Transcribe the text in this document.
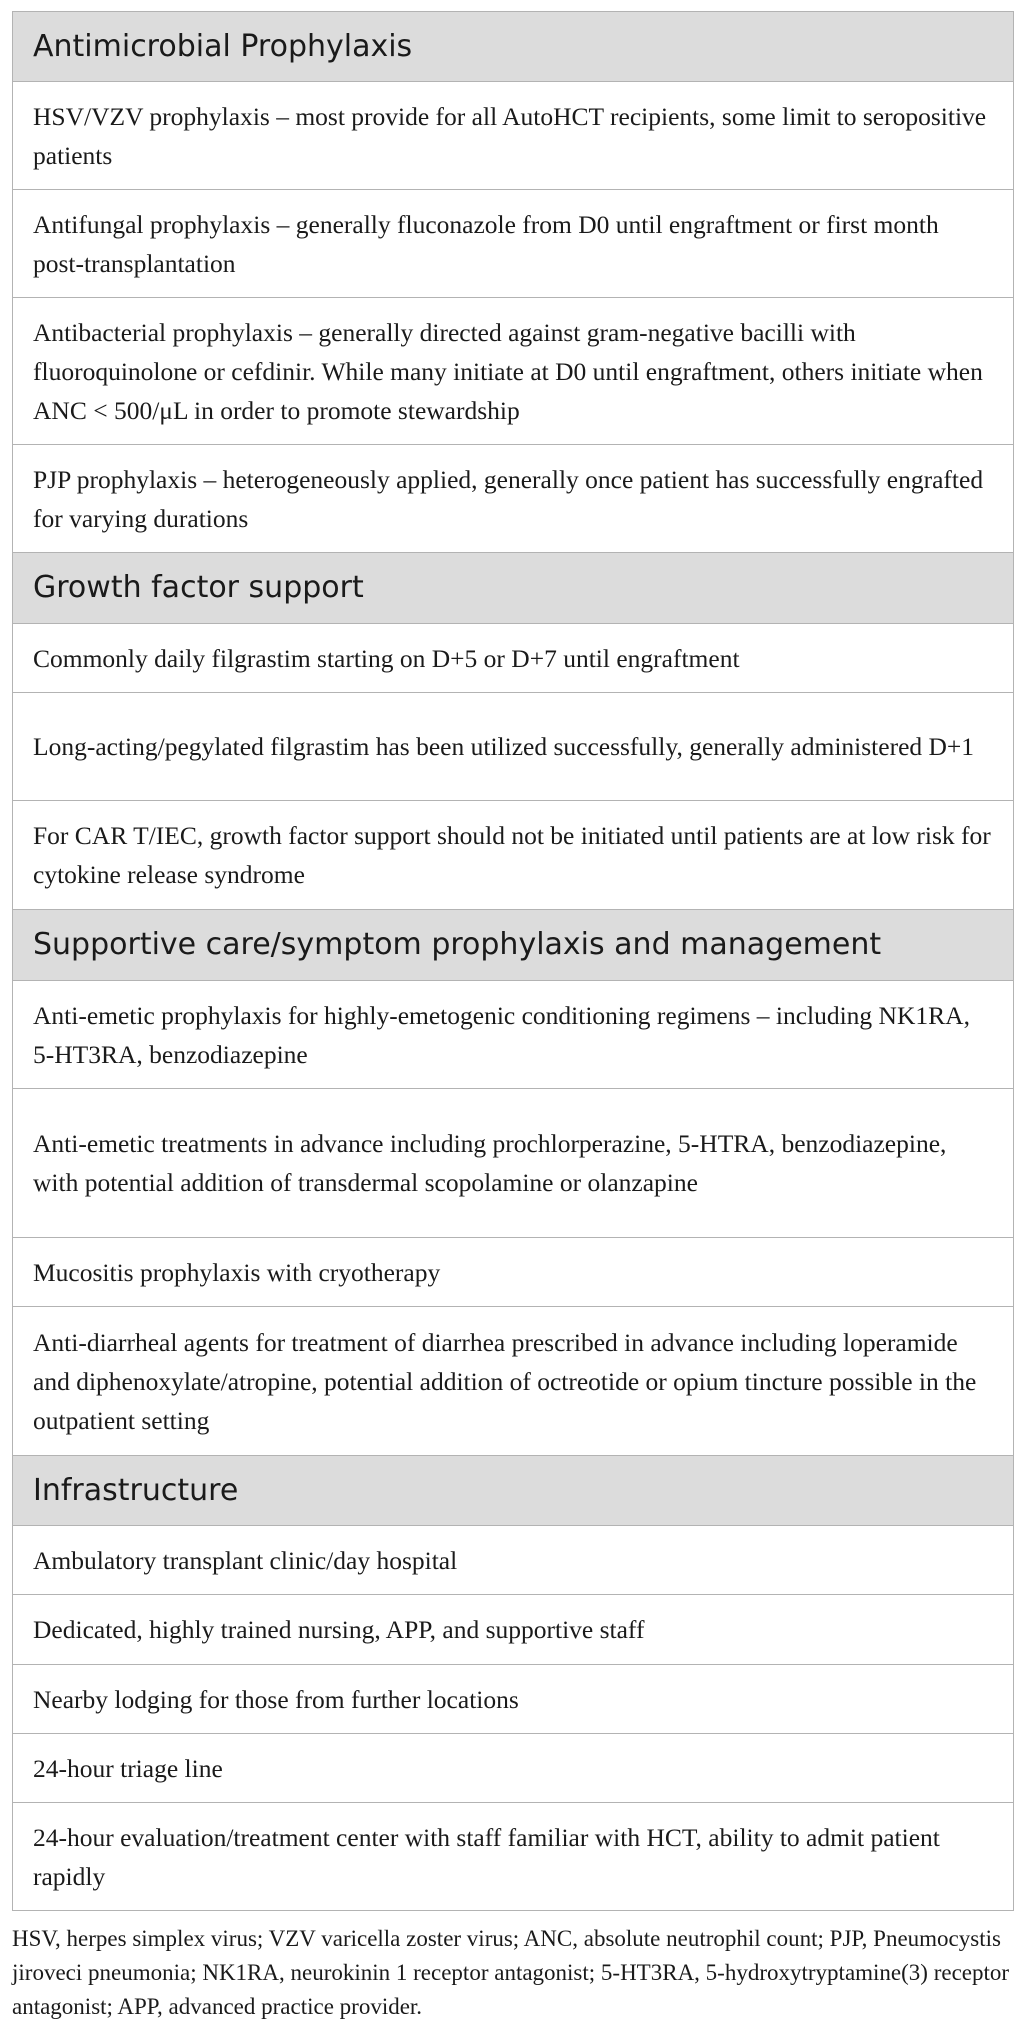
Antimicrobial Prophylaxis
HSV/VZV prophylaxis – most provide for all AutoHCT recipients, some limit to seropositive patients
Antifungal prophylaxis – generally fluconazole from D0 until engraftment or first month post-transplantation
Antibacterial prophylaxis – generally directed against gram-negative bacilli with fluoroquinolone or cefdinir. While many initiate at D0 until engraftment, others initiate when ANC < 500/μL in order to promote stewardship
PJP prophylaxis – heterogeneously applied, generally once patient has successfully engrafted for varying durations
Growth factor support
Commonly daily filgrastim starting on D+5 or D+7 until engraftment
Long-acting/pegylated filgrastim has been utilized successfully, generally administered D+1
For CAR T/IEC, growth factor support should not be initiated until patients are at low risk for cytokine release syndrome
Supportive care/symptom prophylaxis and management
Anti-emetic prophylaxis for highly-emetogenic conditioning regimens – including NK1RA, 5-HT3RA, benzodiazepine
Anti-emetic treatments in advance including prochlorperazine, 5-HTRA, benzodiazepine, with potential addition of transdermal scopolamine or olanzapine
Mucositis prophylaxis with cryotherapy
Anti-diarrheal agents for treatment of diarrhea prescribed in advance including loperamide and diphenoxylate/atropine, potential addition of octreotide or opium tincture possible in the outpatient setting
Infrastructure
Ambulatory transplant clinic/day hospital
Dedicated, highly trained nursing, APP, and supportive staff
Nearby lodging for those from further locations
24-hour triage line
24-hour evaluation/treatment center with staff familiar with HCT, ability to admit patient rapidly

HSV, herpes simplex virus; VZV varicella zoster virus; ANC, absolute neutrophil count; PJP, Pneumocystis jiroveci pneumonia; NK1RA, neurokinin 1 receptor antagonist; 5-HT3RA, 5-hydroxytryptamine(3) receptor antagonist; APP, advanced practice provider.
